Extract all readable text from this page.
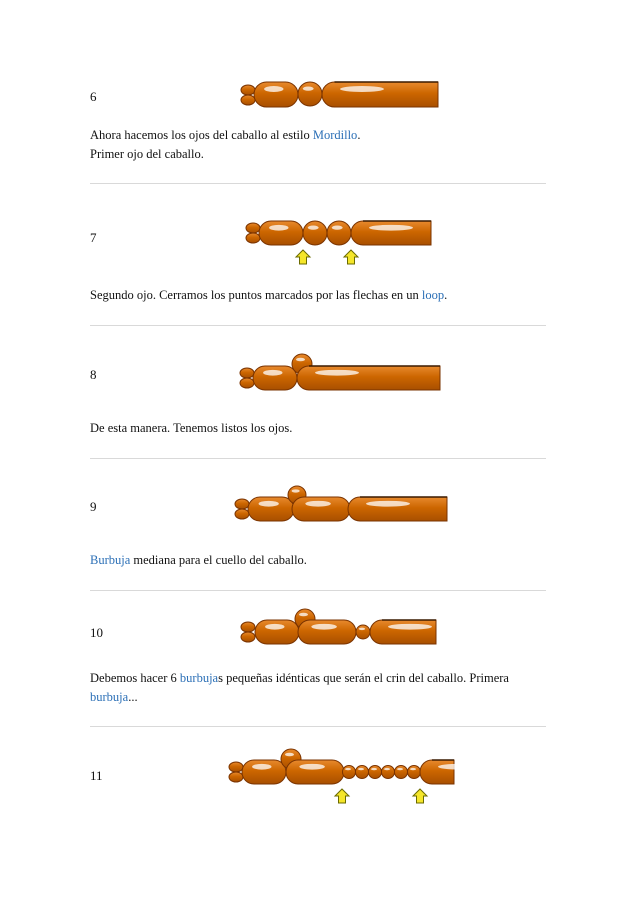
6
Ahora hacemos los ojos del caballo al estilo Mordillo.
Primer ojo del caballo.
7
Segundo ojo. Cerramos los puntos marcados por las flechas en un loop.
8
De esta manera. Tenemos listos los ojos.
9
Burbuja mediana para el cuello del caballo.
10
Debemos hacer 6 burbujas pequeñas idénticas que serán el crin del caballo. Primera
burbuja...
11
